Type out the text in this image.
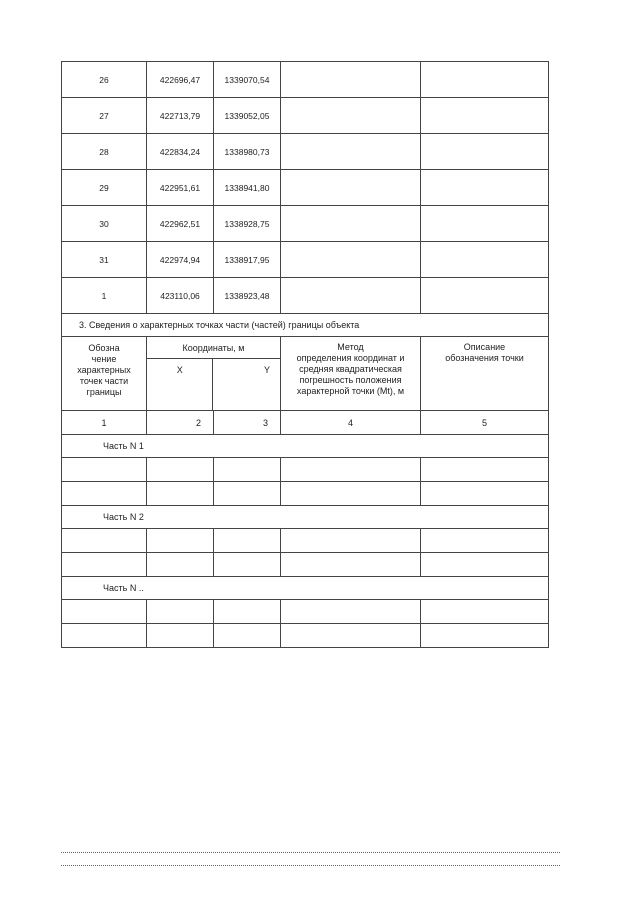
26	422696,47	1339070,54
27	422713,79	1339052,05
28	422834,24	1338980,73
29	422951,61	1338941,80
30	422962,51	1338928,75
31	422974,94	1338917,95
1	423110,06	1338923,48
3. Сведения о характерных точках части (частей) границы объекта
Обозна
чение
характерных
точек части
границы
Координаты, м
X	Y
Метод
определения координат и
средняя квадратическая
погрешность положения
характерной точки (Mt), м
Описание
обозначения точки
1	2	3	4	5
Часть N 1
Часть N 2
Часть N ..
